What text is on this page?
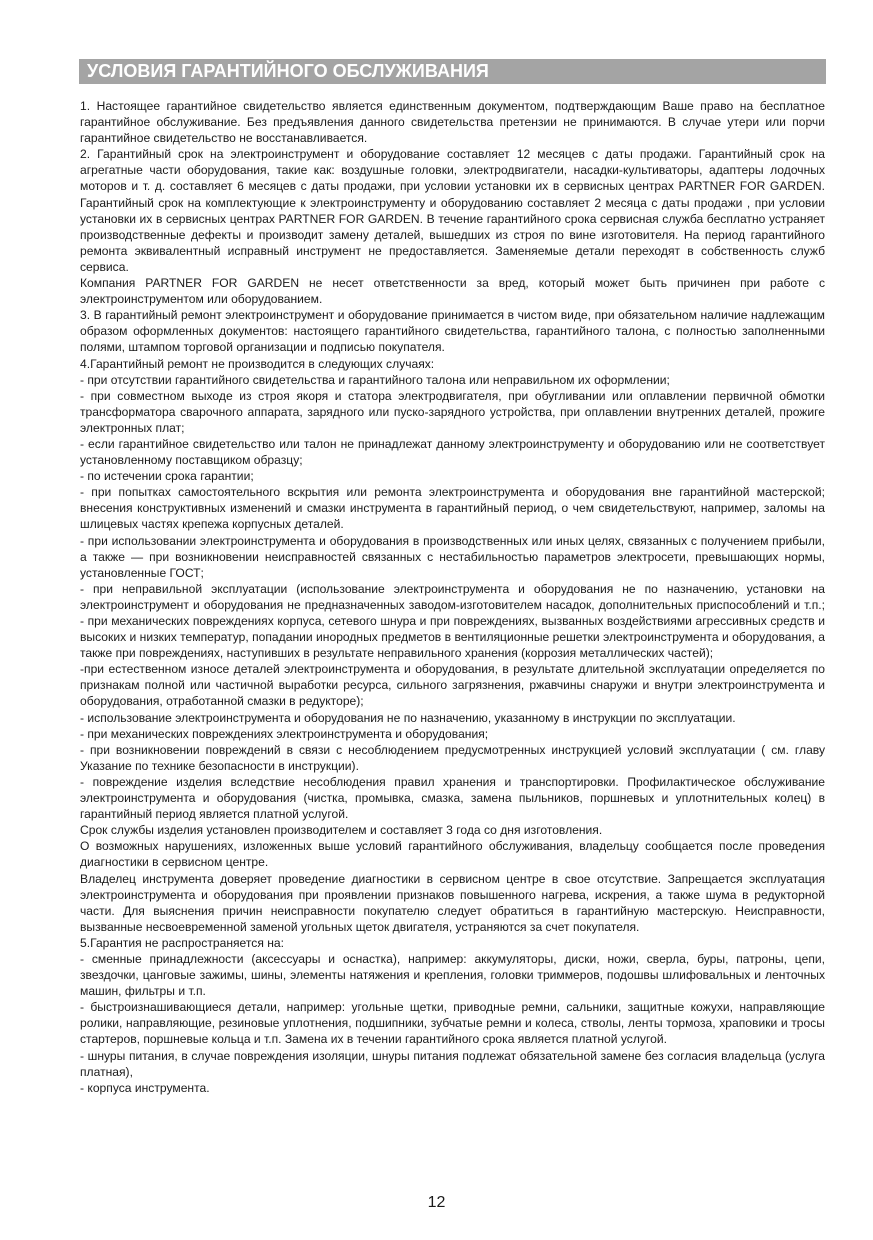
УСЛОВИЯ ГАРАНТИЙНОГО ОБСЛУЖИВАНИЯ

1. Настоящее гарантийное свидетельство является единственным документом, подтверждающим Ваше право на бесплатное гарантийное обслуживание. Без предъявления данного свидетельства претензии не принимаются. В случае утери или порчи гарантийное свидетельство не восстанавливается.

2. Гарантийный срок на электроинструмент и оборудование составляет 12 месяцев с даты продажи. Гарантийный срок на агрегатные части оборудования, такие как: воздушные головки, электродвигатели, насадки-культиваторы, адаптеры лодочных моторов и т. д. составляет 6 месяцев с даты продажи, при условии установки их в сервисных центрах PARTNER FOR GARDEN. Гарантийный срок на комплектующие к электроинструменту и оборудованию составляет 2 месяца с даты продажи , при условии установки их в сервисных центрах PARTNER FOR GARDEN. В течение гарантийного срока сервисная служба бесплатно устраняет производственные дефекты и производит замену деталей, вышедших из строя по вине изготовителя. На период гарантийного ремонта эквивалентный исправный инструмент не предоставляется. Заменяемые детали переходят в собственность служб сервиса.

Компания PARTNER FOR GARDEN не несет ответственности за вред, который может быть причинен при работе с электроинструментом или оборудованием.

3. В гарантийный ремонт электроинструмент и оборудование принимается в чистом виде, при обязательном наличие надлежащим образом оформленных документов: настоящего гарантийного свидетельства, гарантийного талона, с полностью заполненными полями, штампом торговой организации и подписью покупателя.

4.Гарантийный ремонт не производится в следующих случаях:

- при отсутствии гарантийного свидетельства и гарантийного талона или неправильном их оформлении;

- при совместном выходе из строя якоря и статора электродвигателя, при обугливании или оплавлении первичной обмотки трансформатора сварочного аппарата, зарядного или пуско-зарядного устройства, при оплавлении внутренних деталей, прожиге электронных плат;

- если гарантийное свидетельство или талон не принадлежат данному электроинструменту и оборудованию или не соответствует установленному поставщиком образцу;

- по истечении срока гарантии;

- при попытках самостоятельного вскрытия или ремонта электроинструмента и оборудования вне гарантийной мастерской; внесения конструктивных изменений и смазки инструмента в гарантийный период, о чем свидетельствуют, например, заломы на шлицевых частях крепежа корпусных деталей.

- при использовании электроинструмента и оборудования в производственных или иных целях, связанных с получением прибыли, а также — при возникновении неисправностей связанных с нестабильностью параметров электросети, превышающих нормы, установленные ГОСТ;

- при неправильной эксплуатации (использование электроинструмента и оборудования не по назначению, установки на электроинструмент и оборудования не предназначенных заводом-изготовителем насадок, дополнительных приспособлений и т.п.; - при механических повреждениях корпуса, сетевого шнура и при повреждениях, вызванных воздействиями агрессивных средств и высоких и низких температур, попадании инородных предметов в вентиляционные решетки электроинструмента и оборудования, а также при повреждениях, наступивших в результате неправильного хранения (коррозия металлических частей);

-при естественном износе деталей электроинструмента и оборудования, в результате длительной эксплуатации определяется по признакам полной или частичной выработки ресурса, сильного загрязнения, ржавчины снаружи и внутри электроинструмента и оборудования, отработанной смазки в редукторе);

- использование электроинструмента и оборудования не по назначению, указанному в инструкции по эксплуатации.

- при механических повреждениях электроинструмента и оборудования;

- при возникновении повреждений в связи с несоблюдением предусмотренных инструкцией условий эксплуатации ( см. главу Указание по технике безопасности в инструкции).

- повреждение изделия вследствие несоблюдения правил хранения и транспортировки. Профилактическое обслуживание электроинструмента и оборудования (чистка, промывка, смазка, замена пыльников, поршневых и уплотнительных колец) в гарантийный период является платной услугой.

Срок службы изделия установлен производителем и составляет 3 года со дня изготовления.

О возможных нарушениях, изложенных выше условий гарантийного обслуживания, владельцу сообщается после проведения диагностики в сервисном центре.

Владелец инструмента доверяет проведение диагностики в сервисном центре в свое отсутствие. Запрещается эксплуатация электроинструмента и оборудования при проявлении признаков повышенного нагрева, искрения, а также шума в редукторной части. Для выяснения причин неисправности покупателю следует обратиться в гарантийную мастерскую. Неисправности, вызванные несвоевременной заменой угольных щеток двигателя, устраняются за счет покупателя.

5.Гарантия не распространяется на:

- сменные принадлежности (аксессуары и оснастка), например: аккумуляторы, диски, ножи, сверла, буры, патроны, цепи, звездочки, цанговые зажимы, шины, элементы натяжения и крепления, головки триммеров, подошвы шлифовальных и ленточных машин, фильтры и т.п.

- быстроизнашивающиеся детали, например: угольные щетки, приводные ремни, сальники, защитные кожухи, направляющие ролики, направляющие, резиновые уплотнения, подшипники, зубчатые ремни и колеса, стволы, ленты тормоза, храповики и тросы стартеров, поршневые кольца и т.п. Замена их в течении гарантийного срока является платной услугой.

- шнуры питания, в случае повреждения изоляции, шнуры питания подлежат обязательной замене без согласия владельца (услуга платная),

- корпуса инструмента.

12
